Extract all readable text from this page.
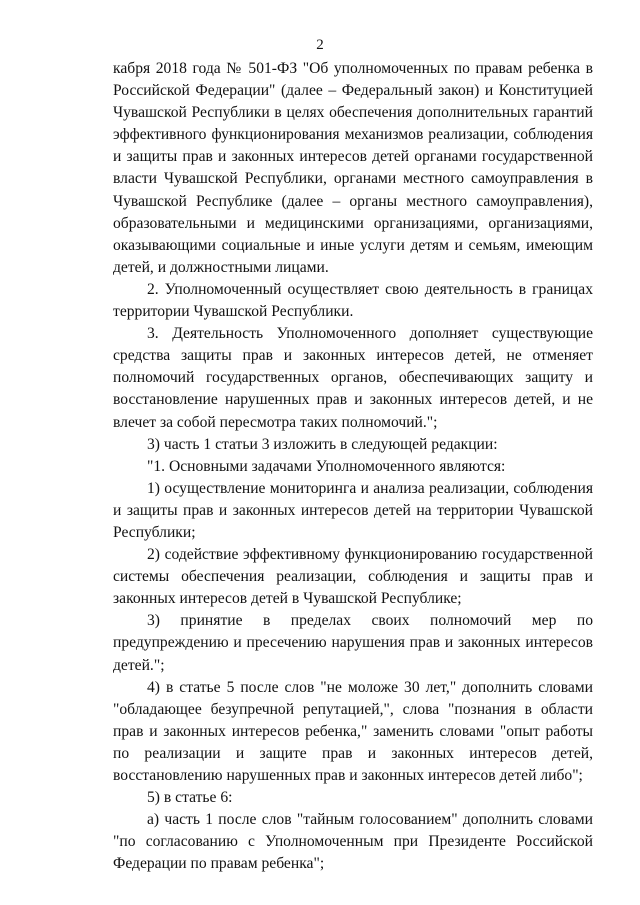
2

кабря 2018 года № 501-ФЗ "Об уполномоченных по правам ребенка в Российской Федерации" (далее – Федеральный закон) и Конституцией Чувашской Республики в целях обеспечения дополнительных гарантий эффективного функционирования механизмов реализации, соблюдения и защиты прав и законных интересов детей органами государственной власти Чувашской Республики, органами местного самоуправления в Чувашской Республике (далее – органы местного самоуправления), образовательными и медицинскими организациями, организациями, оказывающими социальные и иные услуги детям и семьям, имеющим детей, и должностными лицами.

2. Уполномоченный осуществляет свою деятельность в границах территории Чувашской Республики.

3. Деятельность Уполномоченного дополняет существующие средства защиты прав и законных интересов детей, не отменяет полномочий государственных органов, обеспечивающих защиту и восстановление нарушенных прав и законных интересов детей, и не влечет за собой пересмотра таких полномочий.";

3) часть 1 статьи 3 изложить в следующей редакции:

"1. Основными задачами Уполномоченного являются:

1) осуществление мониторинга и анализа реализации, соблюдения и защиты прав и законных интересов детей на территории Чувашской Республики;

2) содействие эффективному функционированию государственной системы обеспечения реализации, соблюдения и защиты прав и законных интересов детей в Чувашской Республике;

3) принятие в пределах своих полномочий мер по предупреждению и пресечению нарушения прав и законных интересов детей.";

4) в статье 5 после слов "не моложе 30 лет," дополнить словами "обладающее безупречной репутацией,", слова "познания в области прав и законных интересов ребенка," заменить словами "опыт работы по реализации и защите прав и законных интересов детей, восстановлению нарушенных прав и законных интересов детей либо";

5) в статье 6:

а) часть 1 после слов "тайным голосованием" дополнить словами "по согласованию с Уполномоченным при Президенте Российской Федерации по правам ребенка";
